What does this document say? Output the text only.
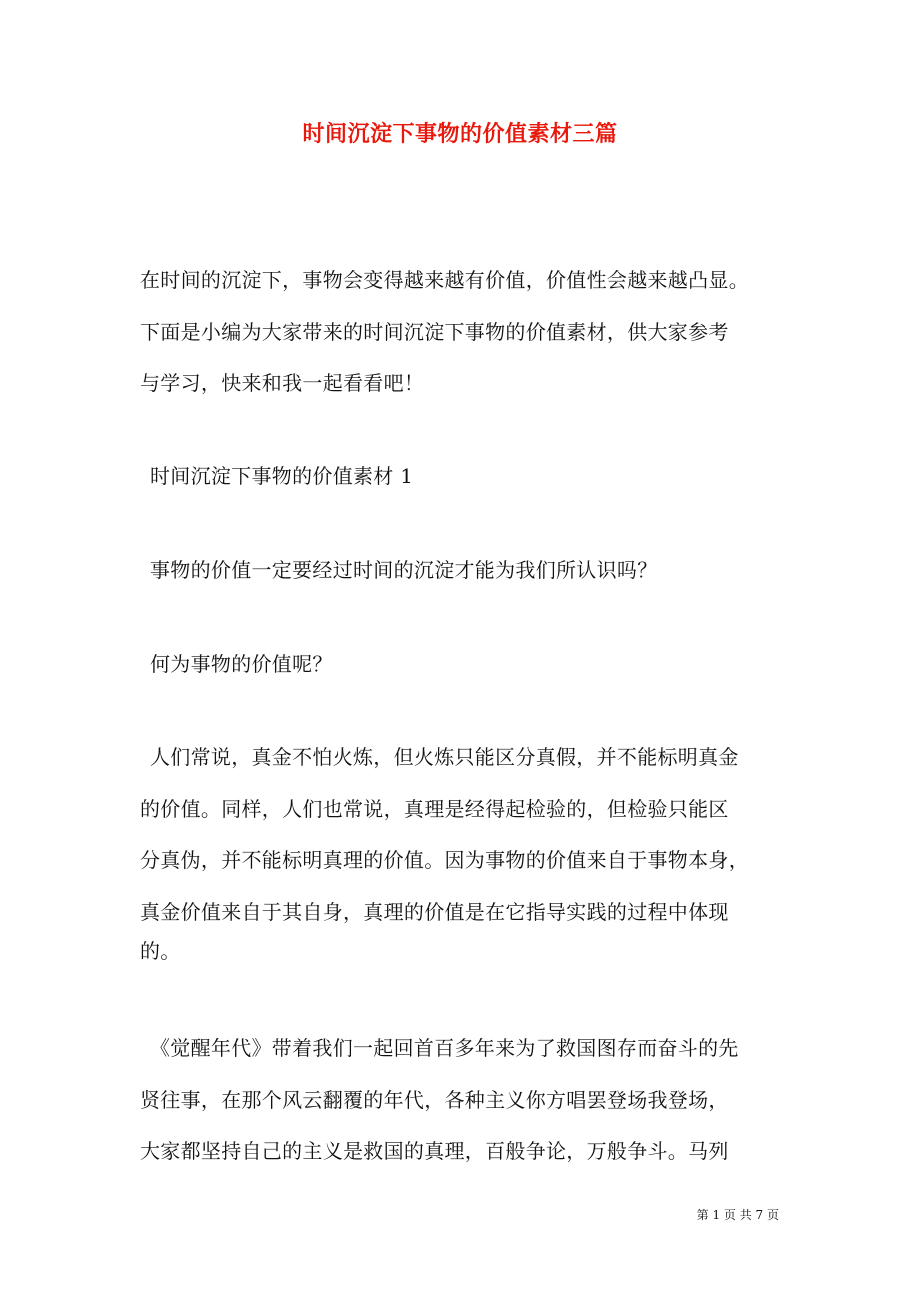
时间沉淀下事物的价值素材三篇
在时间的沉淀下，事物会变得越来越有价值，价值性会越来越凸显。
下面是小编为大家带来的时间沉淀下事物的价值素材，供大家参考
与学习，快来和我一起看看吧！
时间沉淀下事物的价值素材 1
事物的价值一定要经过时间的沉淀才能为我们所认识吗？
何为事物的价值呢？
人们常说，真金不怕火炼，但火炼只能区分真假，并不能标明真金
的价值。同样，人们也常说，真理是经得起检验的，但检验只能区
分真伪，并不能标明真理的价值。因为事物的价值来自于事物本身，
真金价值来自于其自身，真理的价值是在它指导实践的过程中体现
的。
《觉醒年代》带着我们一起回首百多年来为了救国图存而奋斗的先
贤往事，在那个风云翻覆的年代，各种主义你方唱罢登场我登场，
大家都坚持自己的主义是救国的真理，百般争论，万般争斗。马列
第 1 页 共 7 页
